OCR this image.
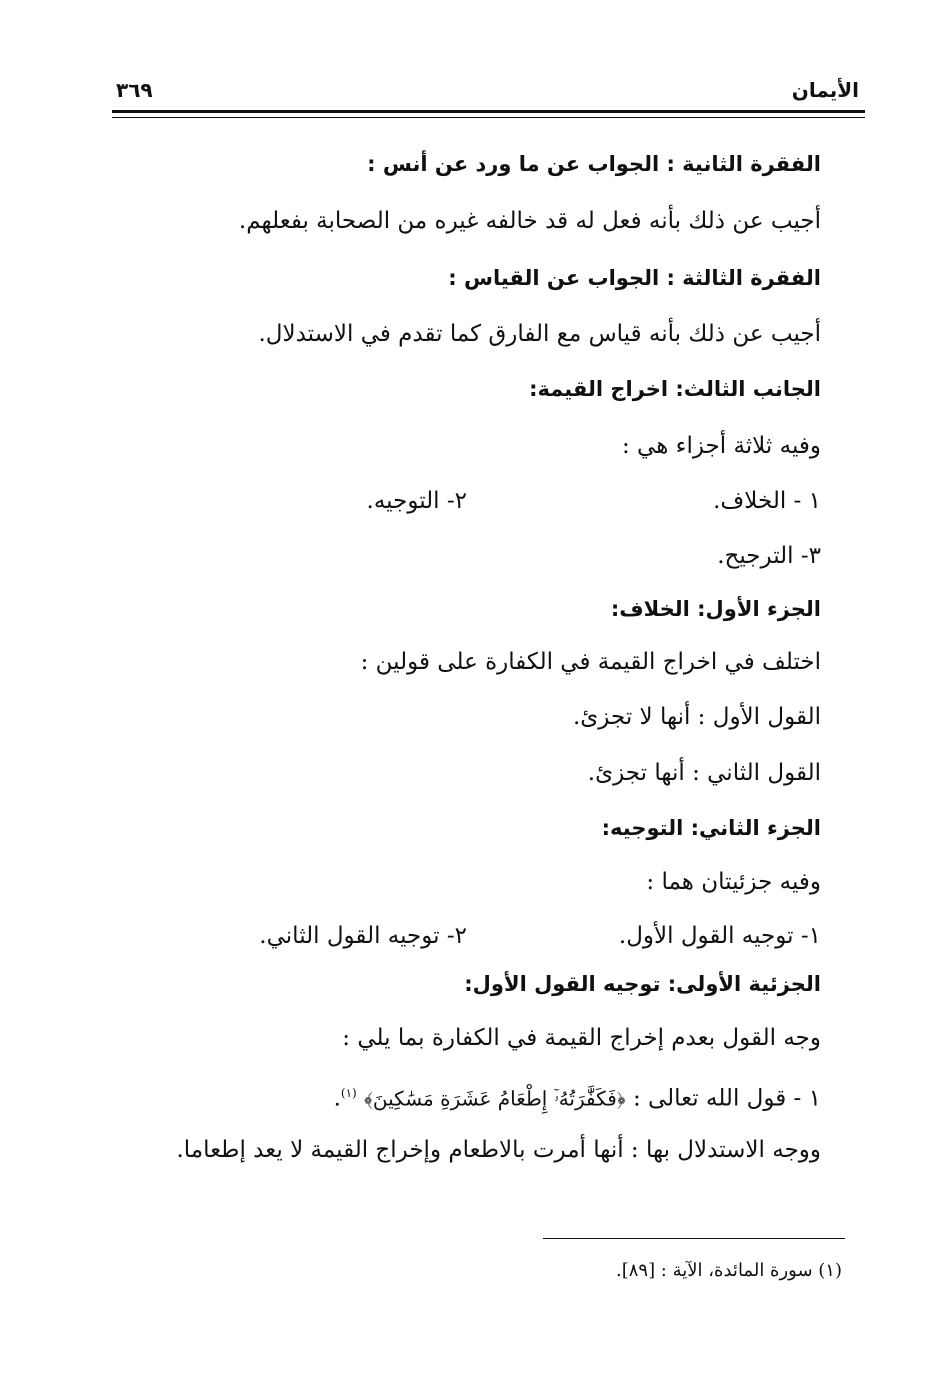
الأيمان
٣٦٩
الفقرة الثانية : الجواب عن ما ورد عن أنس :
أجيب عن ذلك بأنه فعل له قد خالفه غيره من الصحابة بفعلهم.
الفقرة الثالثة : الجواب عن القياس :
أجيب عن ذلك بأنه قياس مع الفارق كما تقدم في الاستدلال.
الجانب الثالث: اخراج القيمة:
وفيه ثلاثة أجزاء هي :
١ - الخلاف.
٢- التوجيه.
٣- الترجيح.
الجزء الأول: الخلاف:
اختلف في اخراج القيمة في الكفارة على قولين :
القول الأول : أنها لا تجزئ.
القول الثاني : أنها تجزئ.
الجزء الثاني: التوجيه:
وفيه جزئيتان هما :
١- توجيه القول الأول.
٢- توجيه القول الثاني.
الجزئية الأولى: توجيه القول الأول:
وجه القول بعدم إخراج القيمة في الكفارة بما يلي :
١ - قول الله تعالى : ﴿فَكَفَّٰرَتُهُۥٓ إِطْعَامُ عَشَرَةِ مَسَٰكِينَ﴾ $^{(١)}$.
ووجه الاستدلال بها : أنها أمرت بالاطعام وإخراج القيمة لا يعد إطعاما.
(١) سورة المائدة، الآية : [٨٩].
